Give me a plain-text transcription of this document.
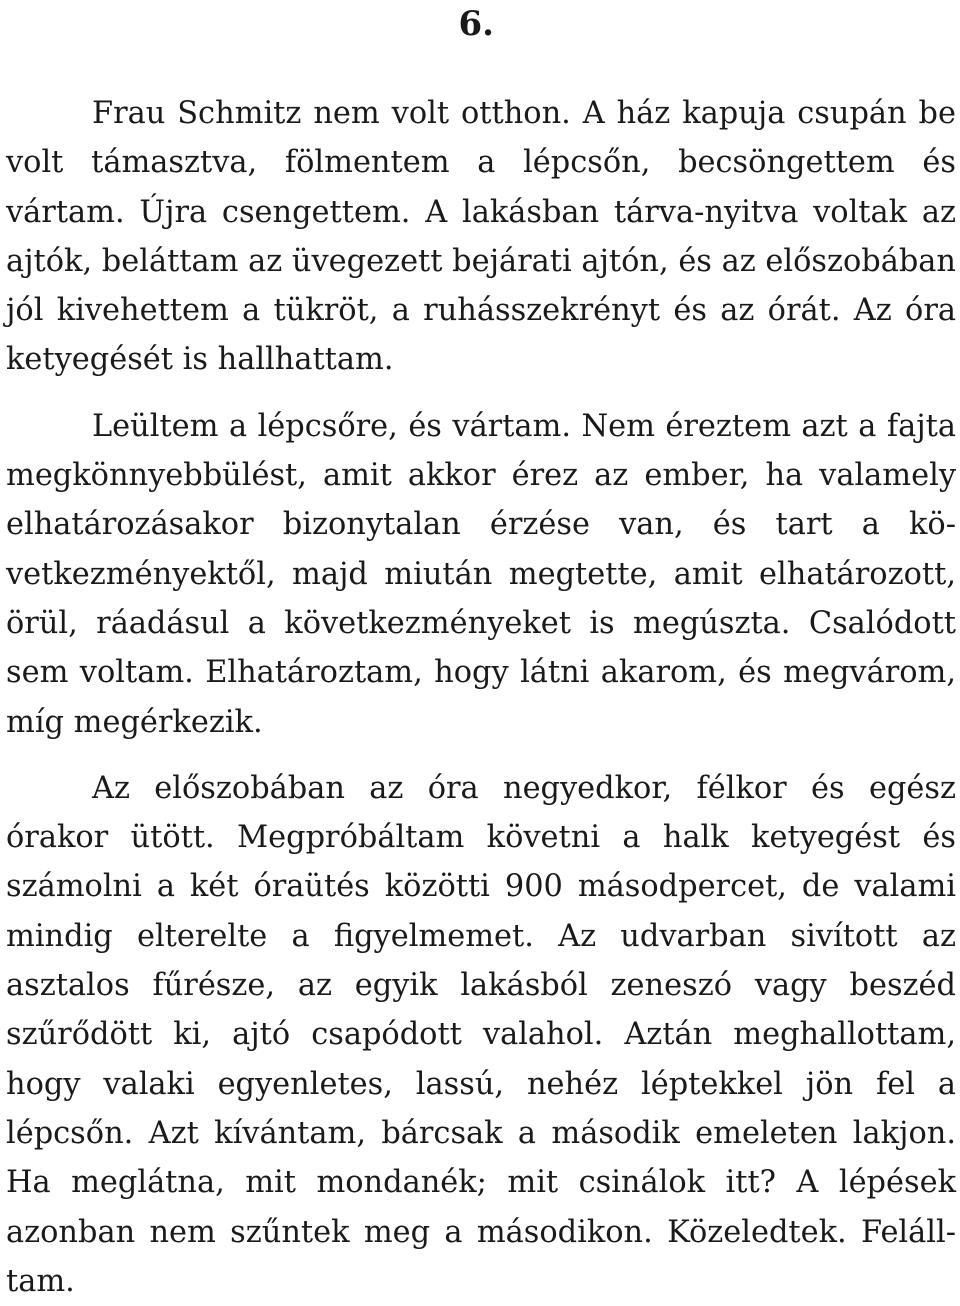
6.

Frau Schmitz nem volt otthon. A ház kapuja csupán be volt támasztva, fölmentem a lépcsőn, becsöngettem és vártam. Újra csengettem. A lakásban tárva-nyitva voltak az ajtók, beláttam az üvegezett bejárati ajtón, és az előszobában jól kivehettem a tükröt, a ruhásszekrényt és az órát. Az óra ketyegését is hallhattam.

Leültem a lépcsőre, és vártam. Nem éreztem azt a fajta megkönnyebbülést, amit akkor érez az ember, ha valamely elhatározásakor bizonytalan érzése van, és tart a következményektől, majd miután megtette, amit elhatározott, örül, ráadásul a következményeket is megúszta. Csalódott sem voltam. Elhatároztam, hogy látni akarom, és megvárom, míg megérkezik.

Az előszobában az óra negyedkor, félkor és egész órakor ütött. Megpróbáltam követni a halk ketyegést és számolni a két óraütés közötti 900 másodpercet, de valami mindig elterelte a figyelmemet. Az udvarban sivított az asztalos fűrésze, az egyik lakásból zeneszó vagy beszéd szűrődött ki, ajtó csapódott valahol. Aztán meghallottam, hogy valaki egyenletes, lassú, nehéz léptekkel jön fel a lépcsőn. Azt kívántam, bárcsak a második emeleten lakjon. Ha meglátna, mit mondanék; mit csinálok itt? A lépések azonban nem szűntek meg a másodikon. Közeledtek. Felálltam.
